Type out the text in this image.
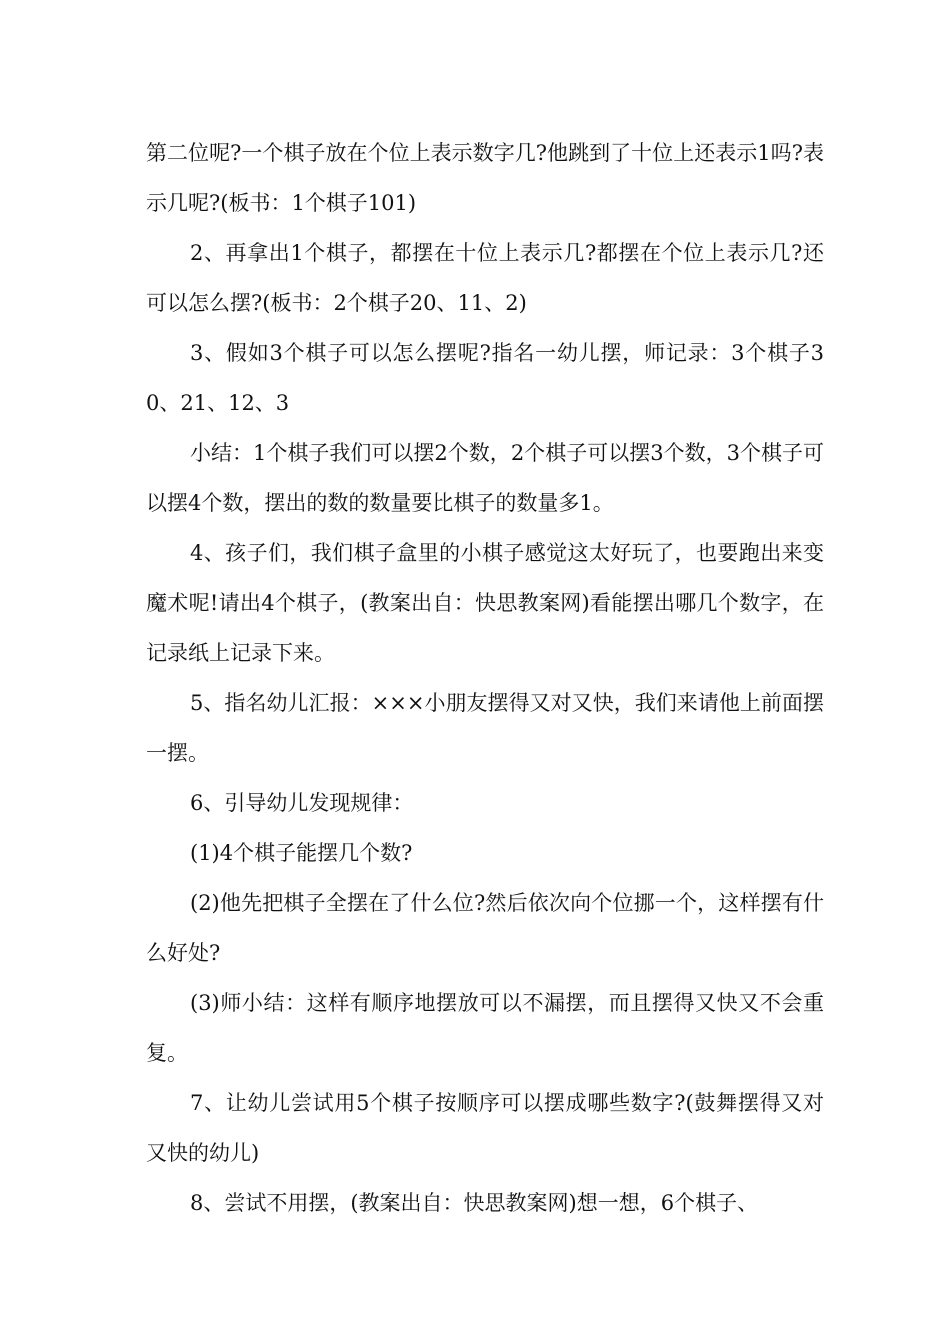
第二位呢?一个棋子放在个位上表示数字几?他跳到了十位上还表示1吗?表示几呢?(板书：1个棋子101)

2、再拿出1个棋子，都摆在十位上表示几?都摆在个位上表示几?还可以怎么摆?(板书：2个棋子20、11、2)

3、假如3个棋子可以怎么摆呢?指名一幼儿摆，师记录：3个棋子30、21、12、3

小结：1个棋子我们可以摆2个数，2个棋子可以摆3个数，3个棋子可以摆4个数，摆出的数的数量要比棋子的数量多1。

4、孩子们，我们棋子盒里的小棋子感觉这太好玩了，也要跑出来变魔术呢!请出4个棋子，(教案出自：快思教案网)看能摆出哪几个数字，在记录纸上记录下来。

5、指名幼儿汇报：×××小朋友摆得又对又快，我们来请他上前面摆一摆。

6、引导幼儿发现规律：

(1)4个棋子能摆几个数?

(2)他先把棋子全摆在了什么位?然后依次向个位挪一个，这样摆有什么好处?

(3)师小结：这样有顺序地摆放可以不漏摆，而且摆得又快又不会重复。

7、让幼儿尝试用5个棋子按顺序可以摆成哪些数字?(鼓舞摆得又对又快的幼儿)

8、尝试不用摆，(教案出自：快思教案网)想一想，6个棋子、
